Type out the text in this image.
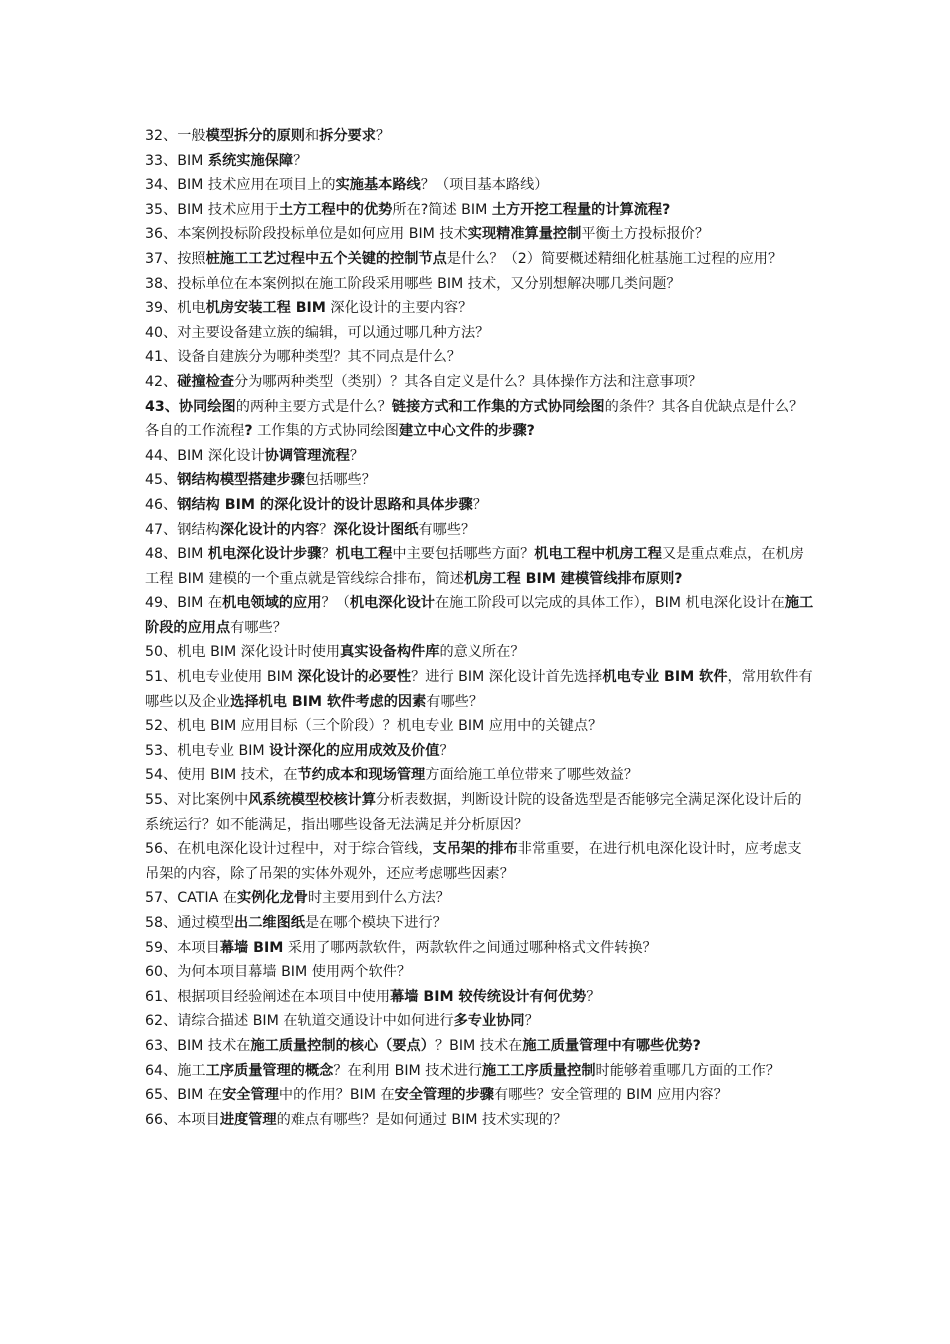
32、一般模型拆分的原则和拆分要求？

33、BIM 系统实施保障？

34、BIM 技术应用在项目上的实施基本路线？（项目基本路线）

35、BIM 技术应用于土方工程中的优势所在?简述 BIM 土方开挖工程量的计算流程?

36、本案例投标阶段投标单位是如何应用 BIM 技术实现精准算量控制平衡土方投标报价？

37、按照桩施工工艺过程中五个关键的控制节点是什么？（2）简要概述精细化桩基施工过程的应用？

38、投标单位在本案例拟在施工阶段采用哪些 BIM 技术，又分别想解决哪几类问题？

39、机电机房安装工程 BIM 深化设计的主要内容？

40、对主要设备建立族的编辑，可以通过哪几种方法？

41、设备自建族分为哪种类型？其不同点是什么？

42、碰撞检查分为哪两种类型（类别）？其各自定义是什么？具体操作方法和注意事项？

43、协同绘图的两种主要方式是什么？链接方式和工作集的方式协同绘图的条件？其各自优缺点是什么？各自的工作流程? 工作集的方式协同绘图建立中心文件的步骤?

44、BIM 深化设计协调管理流程？

45、钢结构模型搭建步骤包括哪些？

46、钢结构 BIM 的深化设计的设计思路和具体步骤？

47、钢结构深化设计的内容？深化设计图纸有哪些？

48、BIM 机电深化设计步骤？机电工程中主要包括哪些方面？机电工程中机房工程又是重点难点，在机房工程 BIM 建模的一个重点就是管线综合排布，简述机房工程 BIM 建模管线排布原则?

49、BIM 在机电领域的应用？（机电深化设计在施工阶段可以完成的具体工作），BIM 机电深化设计在施工阶段的应用点有哪些？

50、机电 BIM 深化设计时使用真实设备构件库的意义所在？

51、机电专业使用 BIM 深化设计的必要性？进行 BIM 深化设计首先选择机电专业 BIM 软件，常用软件有哪些以及企业选择机电 BIM 软件考虑的因素有哪些？

52、机电 BIM 应用目标（三个阶段）？机电专业 BIM 应用中的关键点？

53、机电专业 BIM 设计深化的应用成效及价值？

54、使用 BIM 技术，在节约成本和现场管理方面给施工单位带来了哪些效益？

55、对比案例中风系统模型校核计算分析表数据，判断设计院的设备选型是否能够完全满足深化设计后的系统运行？如不能满足，指出哪些设备无法满足并分析原因？

56、在机电深化设计过程中，对于综合管线，支吊架的排布非常重要，在进行机电深化设计时，应考虑支吊架的内容，除了吊架的实体外观外，还应考虑哪些因素？

57、CATIA 在实例化龙骨时主要用到什么方法？

58、通过模型出二维图纸是在哪个模块下进行？

59、本项目幕墙 BIM 采用了哪两款软件，两款软件之间通过哪种格式文件转换？

60、为何本项目幕墙 BIM 使用两个软件？

61、根据项目经验阐述在本项目中使用幕墙 BIM 较传统设计有何优势？

62、请综合描述 BIM 在轨道交通设计中如何进行多专业协同？

63、BIM 技术在施工质量控制的核心（要点）？BIM 技术在施工质量管理中有哪些优势?

64、施工工序质量管理的概念？在利用 BIM 技术进行施工工序质量控制时能够着重哪几方面的工作？

65、BIM 在安全管理中的作用？BIM 在安全管理的步骤有哪些？安全管理的 BIM 应用内容？

66、本项目进度管理的难点有哪些？是如何通过 BIM 技术实现的？
